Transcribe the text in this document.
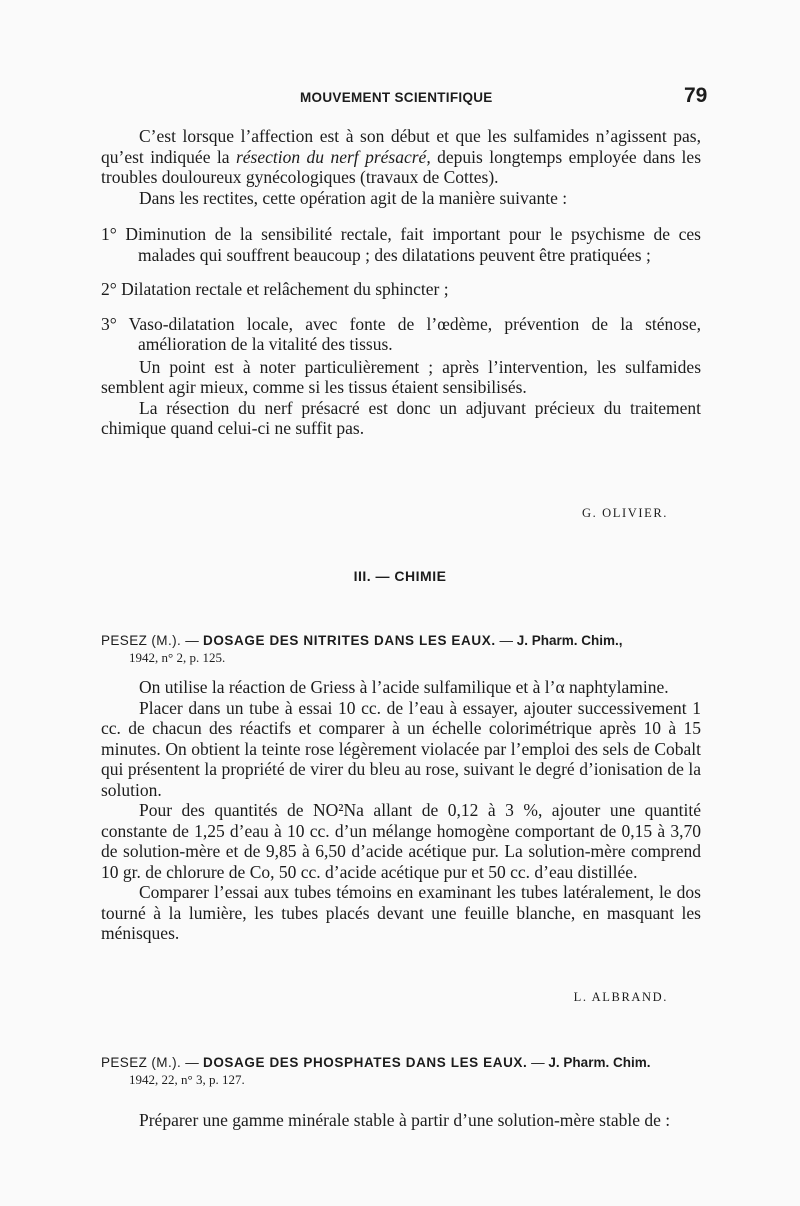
MOUVEMENT SCIENTIFIQUE	79

C’est lorsque l’affection est à son début et que les sulfamides n’agissent pas, qu’est indiquée la résection du nerf présacré, depuis longtemps employée dans les troubles douloureux gynécologiques (travaux de Cottes).

Dans les rectites, cette opération agit de la manière suivante :

1° Diminution de la sensibilité rectale, fait important pour le psychisme de ces malades qui souffrent beaucoup ; des dilatations peuvent être pratiquées ;

2° Dilatation rectale et relâchement du sphincter ;

3° Vaso-dilatation locale, avec fonte de l’œdème, prévention de la sténose, amélioration de la vitalité des tissus.

Un point est à noter particulièrement ; après l’intervention, les sulfamides semblent agir mieux, comme si les tissus étaient sensibilisés.

La résection du nerf présacré est donc un adjuvant précieux du traitement chimique quand celui-ci ne suffit pas.

G. OLIVIER.
III. — CHIMIE
PESEZ (M.). — DOSAGE DES NITRITES DANS LES EAUX. — J. Pharm. Chim.,
1942, n° 2, p. 125.

On utilise la réaction de Griess à l’acide sulfamilique et à l’α naphtylamine.

Placer dans un tube à essai 10 cc. de l’eau à essayer, ajouter successivement 1 cc. de chacun des réactifs et comparer à un échelle colorimétrique après 10 à 15 minutes. On obtient la teinte rose légèrement violacée par l’emploi des sels de Cobalt qui présentent la propriété de virer du bleu au rose, suivant le degré d’ionisation de la solution.

Pour des quantités de NO²Na allant de 0,12 à 3 %, ajouter une quantité constante de 1,25 d’eau à 10 cc. d’un mélange homogène comportant de 0,15 à 3,70 de solution-mère et de 9,85 à 6,50 d’acide acétique pur. La solution-mère comprend 10 gr. de chlorure de Co, 50 cc. d’acide acétique pur et 50 cc. d’eau distillée.

Comparer l’essai aux tubes témoins en examinant les tubes latéralement, le dos tourné à la lumière, les tubes placés devant une feuille blanche, en masquant les ménisques.

L. ALBRAND.
PESEZ (M.). — DOSAGE DES PHOSPHATES DANS LES EAUX. — J. Pharm. Chim.
1942, 22, n° 3, p. 127.

Préparer une gamme minérale stable à partir d’une solution-mère stable de :
